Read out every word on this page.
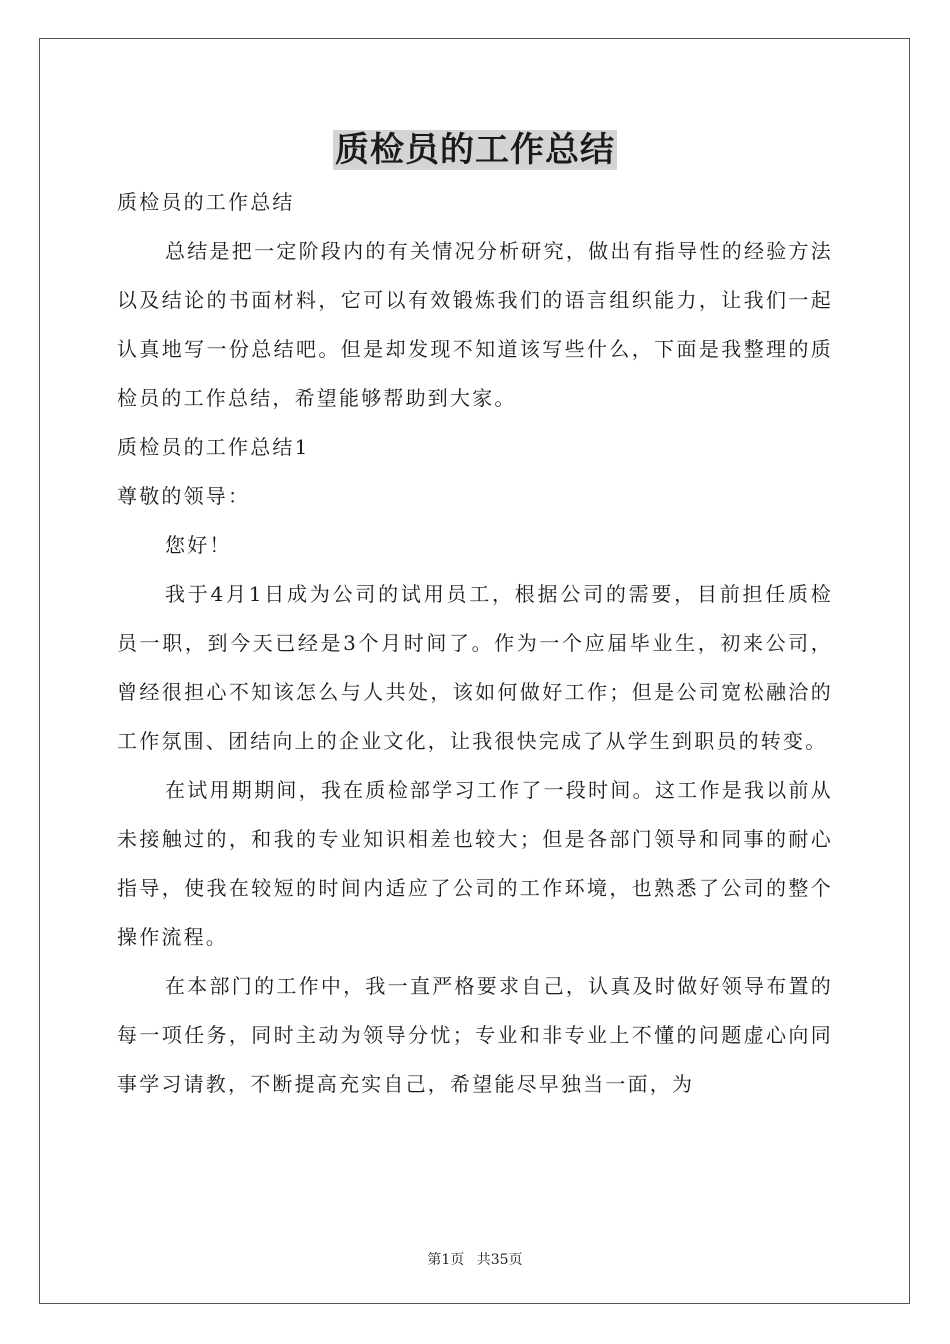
质检员的工作总结

质检员的工作总结

总结是把一定阶段内的有关情况分析研究，做出有指导性的经验方法以及结论的书面材料，它可以有效锻炼我们的语言组织能力，让我们一起认真地写一份总结吧。但是却发现不知道该写些什么，下面是我整理的质检员的工作总结，希望能够帮助到大家。

质检员的工作总结1

尊敬的领导：

您好！

我于4月1日成为公司的试用员工，根据公司的需要，目前担任质检员一职，到今天已经是3个月时间了。作为一个应届毕业生，初来公司，曾经很担心不知该怎么与人共处，该如何做好工作；但是公司宽松融洽的工作氛围、团结向上的企业文化，让我很快完成了从学生到职员的转变。

在试用期期间，我在质检部学习工作了一段时间。这工作是我以前从未接触过的，和我的专业知识相差也较大；但是各部门领导和同事的耐心指导，使我在较短的时间内适应了公司的工作环境，也熟悉了公司的整个操作流程。

在本部门的工作中，我一直严格要求自己，认真及时做好领导布置的每一项任务，同时主动为领导分忧；专业和非专业上不懂的问题虚心向同事学习请教，不断提高充实自己，希望能尽早独当一面，为

第1页 共35页
